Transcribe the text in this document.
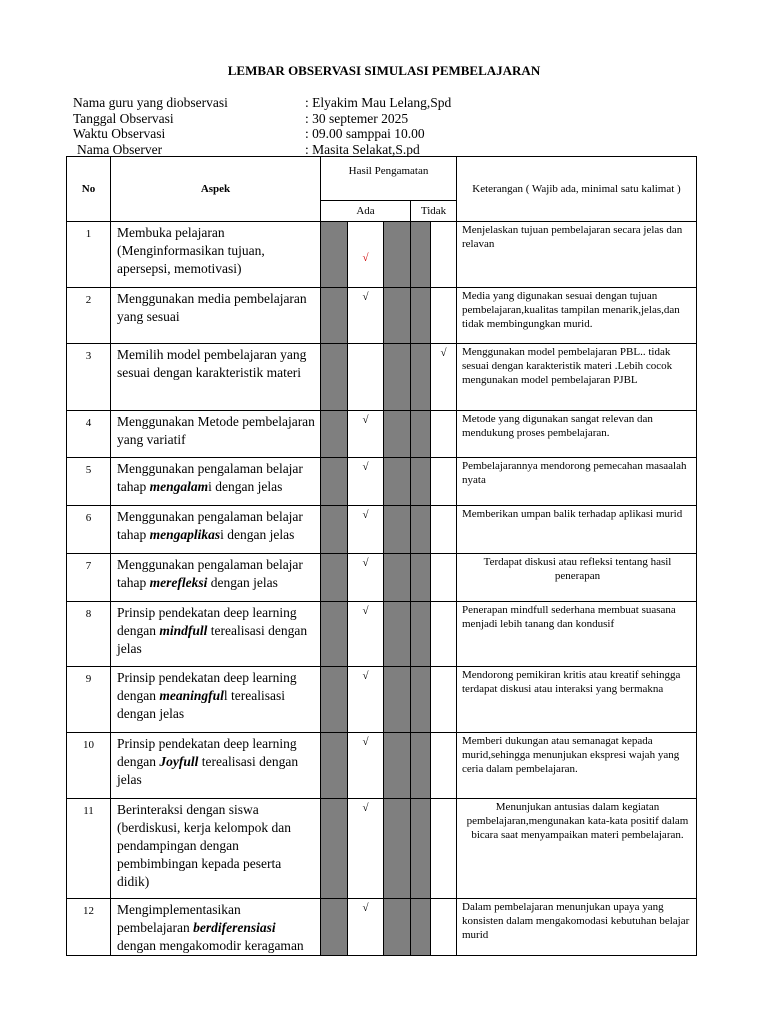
LEMBAR OBSERVASI SIMULASI PEMBELAJARAN
Nama guru yang diobservasi	: Elyakim Mau Lelang,Spd
Tanggal Observasi	: 30 septemer 2025
Waktu Observasi	: 09.00 samppai 10.00
Nama Observer	: Masita Selakat,S.pd
No	Aspek	Hasil Pengamatan					Keterangan ( Wajib ada, minimal satu kalimat )
		Ada			Tidak		
1	Membuka pelajaran (Menginformasikan tujuan, apersepsi, memotivasi)		√				Menjelaskan tujuan pembelajaran secara jelas dan relavan
2	Menggunakan media pembelajaran yang sesuai		√				Media yang digunakan sesuai dengan tujuan pembelajaran,kualitas tampilan menarik,jelas,dan tidak membingungkan murid.
3	Memilih model pembelajaran yang sesuai dengan karakteristik materi					√	Menggunakan model pembelajaran PBL.. tidak sesuai dengan karakteristik materi .Lebih cocok mengunakan model pembelajaran PJBL
4	Menggunakan Metode pembelajaran yang variatif		√				Metode yang digunakan sangat relevan dan mendukung proses pembelajaran.
5	Menggunakan pengalaman belajar tahap mengalami dengan jelas		√				Pembelajarannya mendorong pemecahan masaalah nyata
6	Menggunakan pengalaman belajar tahap mengaplikasi dengan jelas		√				Memberikan umpan balik terhadap aplikasi murid
7	Menggunakan pengalaman belajar tahap merefleksi dengan jelas		√				Terdapat diskusi atau refleksi tentang hasil penerapan
8	Prinsip pendekatan deep learning dengan mindfull terealisasi dengan jelas		√				Penerapan mindfull sederhana membuat suasana menjadi lebih tanang dan kondusif
9	Prinsip pendekatan deep learning dengan meaningfull terealisasi dengan jelas		√				Mendorong pemikiran kritis atau kreatif sehingga terdapat diskusi atau interaksi yang bermakna
10	Prinsip pendekatan deep learning dengan Joyfull terealisasi dengan jelas		√				Memberi dukungan atau semanagat kepada murid,sehingga menunjukan ekspresi wajah yang ceria dalam pembelajaran.
11	Berinteraksi dengan siswa (berdiskusi, kerja kelompok dan pendampingan dengan pembimbingan kepada peserta didik)		√				Menunjukan antusias dalam kegiatan pembelajaran,mengunakan kata-kata positif dalam bicara saat menyampaikan materi pembelajaran.
12	Mengimplementasikan pembelajaran berdiferensiasi dengan mengakomodir keragaman		√				Dalam pembelajaran menunjukan upaya yang konsisten dalam mengakomodasi kebutuhan belajar murid
